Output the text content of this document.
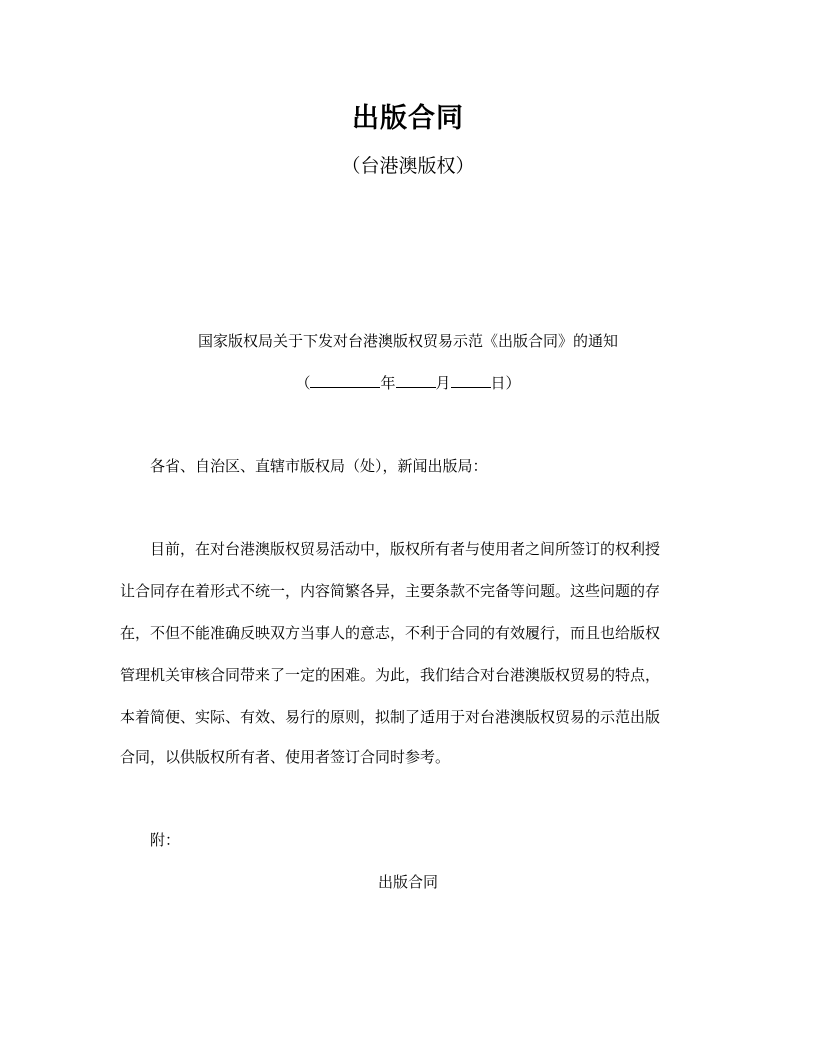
出版合同
（台港澳版权）
国家版权局关于下发对台港澳版权贸易示范《出版合同》的通知
（	年	月	日）
各省、自治区、直辖市版权局（处），新闻出版局：
目前，在对台港澳版权贸易活动中，版权所有者与使用者之间所签订的权利授
让合同存在着形式不统一，内容简繁各异，主要条款不完备等问题。这些问题的存
在，不但不能准确反映双方当事人的意志，不利于合同的有效履行，而且也给版权
管理机关审核合同带来了一定的困难。为此，我们结合对台港澳版权贸易的特点，
本着简便、实际、有效、易行的原则，拟制了适用于对台港澳版权贸易的示范出版
合同，以供版权所有者、使用者签订合同时参考。
附：
出版合同
